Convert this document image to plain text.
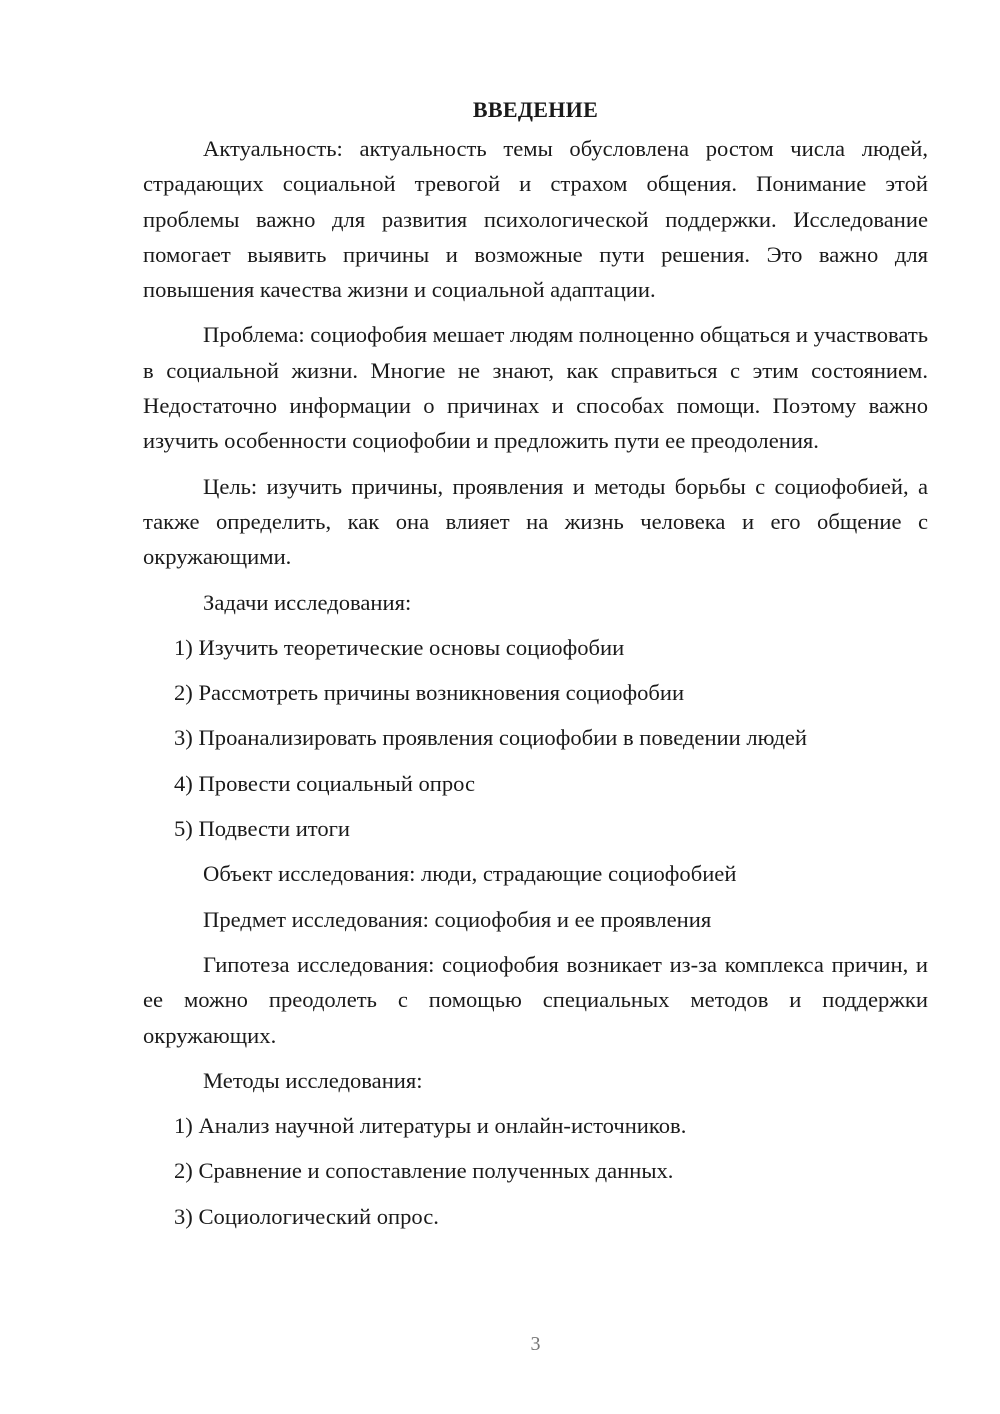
ВВЕДЕНИЕ

Актуальность: актуальность темы обусловлена ростом числа людей, страдающих социальной тревогой и страхом общения. Понимание этой проблемы важно для развития психологической поддержки. Исследование помогает выявить причины и возможные пути решения. Это важно для повышения качества жизни и социальной адаптации.

Проблема: социофобия мешает людям полноценно общаться и участвовать в социальной жизни. Многие не знают, как справиться с этим состоянием. Недостаточно информации о причинах и способах помощи. Поэтому важно изучить особенности социофобии и предложить пути ее преодоления.

Цель: изучить причины, проявления и методы борьбы с социофобией, а также определить, как она влияет на жизнь человека и его общение с окружающими.

Задачи исследования:
1) Изучить теоретические основы социофобии
2) Рассмотреть причины возникновения социофобии
3) Проанализировать проявления социофобии в поведении людей
4) Провести социальный опрос
5) Подвести итоги
Объект исследования: люди, страдающие социофобией
Предмет исследования: социофобия и ее проявления

Гипотеза исследования: социофобия возникает из-за комплекса причин, и ее можно преодолеть с помощью специальных методов и поддержки окружающих.

Методы исследования:
1) Анализ научной литературы и онлайн-источников.
2) Сравнение и сопоставление полученных данных.
3) Социологический опрос.
3
